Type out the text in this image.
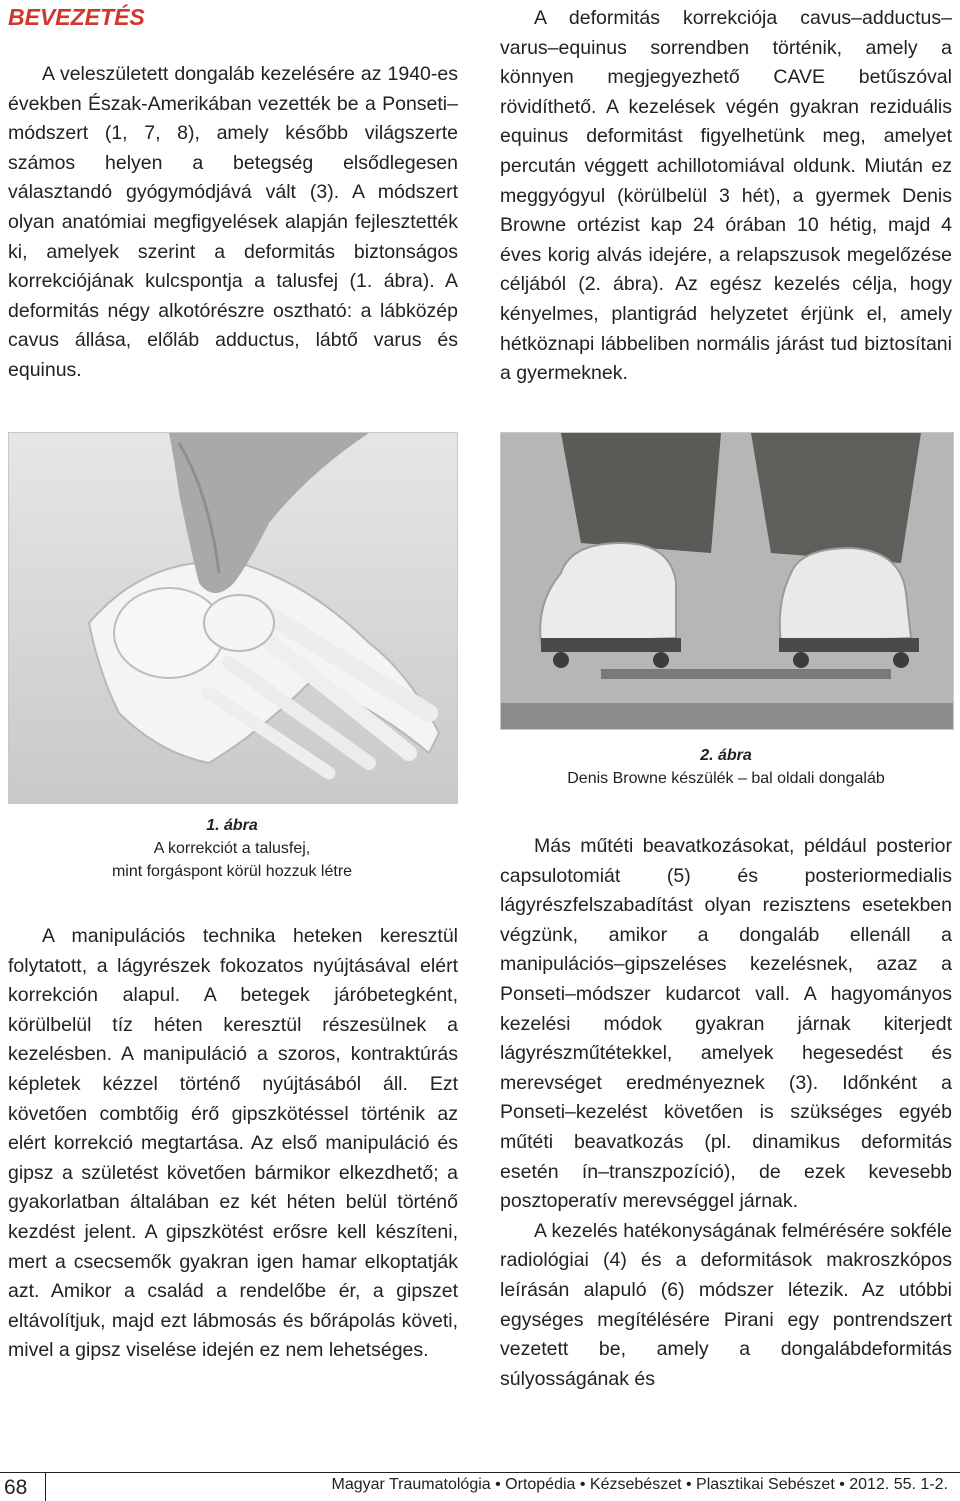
BEVEZETÉS

A veleszületett dongaláb kezelésére az 1940-es években Észak-Amerikában vezették be a Ponseti–módszert (1, 7, 8), amely később világszerte számos helyen a betegség elsődlegesen választandó gyógymódjává vált (3). A módszert olyan anatómiai megfigyelések alapján fejlesztették ki, amelyek szerint a deformitás biztonságos korrekciójának kulcspontja a talusfej (1. ábra). A deformitás négy alkotórészre osztható: a lábközép cavus állása, előláb adductus, lábtő varus és equinus.

A deformitás korrekciója cavus–adductus–varus–equinus sorrendben történik, amely a könnyen megjegyezhető CAVE betűszóval rövidíthető. A kezelések végén gyakran reziduális equinus deformitást figyelhetünk meg, amelyet percután véggett achillotomiával oldunk. Miután ez meggyógyul (körülbelül 3 hét), a gyermek Denis Browne ortézist kap 24 órában 10 hétig, majd 4 éves korig alvás idejére, a relapszusok megelőzése céljából (2. ábra). Az egész kezelés célja, hogy kényelmes, plantigrád helyzetet érjünk el, amely hétköznapi lábbeliben normális járást tud biztosítani a gyermeknek.

2. ábra
Denis Browne készülék – bal oldali dongaláb
1. ábra
A korrekciót a talusfej,
mint forgáspont körül hozzuk létre

A manipulációs technika heteken keresztül folytatott, a lágyrészek fokozatos nyújtásával elért korrekción alapul. A betegek járóbetegként, körülbelül tíz héten keresztül részesülnek a kezelésben. A manipuláció a szoros, kontraktúrás képletek kézzel történő nyújtásából áll. Ezt követően combtőig érő gipszkötéssel történik az elért korrekció megtartása. Az első manipuláció és gipsz a születést követően bármikor elkezdhető; a gyakorlatban általában ez két héten belül történő kezdést jelent. A gipszkötést erősre kell készíteni, mert a csecsemők gyakran igen hamar elkoptatják azt. Amikor a család a rendelőbe ér, a gipszet eltávolítjuk, majd ezt lábmosás és bőrápolás követi, mivel a gipsz viselése idején ez nem lehetséges.

Más műtéti beavatkozásokat, például posterior capsulotomiát (5) és posteriormedialis lágyrészfelszabadítást olyan rezisztens esetekben végzünk, amikor a dongaláb ellenáll a manipulációs–gipszeléses kezelésnek, azaz a Ponseti–módszer kudarcot vall. A hagyományos kezelési módok gyakran járnak kiterjedt lágyrészműtétekkel, amelyek hegesedést és merevséget eredményeznek (3). Időnként a Ponseti–kezelést követően is szükséges egyéb műtéti beavatkozás (pl. dinamikus deformitás esetén ín–transzpozíció), de ezek kevesebb posztoperatív merevséggel járnak.

A kezelés hatékonyságának felmérésére sokféle radiológiai (4) és a deformitások makroszkópos leírásán alapuló (6) módszer létezik. Az utóbbi egységes megítélésére Pirani egy pontrendszert vezetett be, amely a dongalábdeformitás súlyosságának és

68	Magyar Traumatológia • Ortopédia • Kézsebészet • Plasztikai Sebészet • 2012. 55. 1-2.
